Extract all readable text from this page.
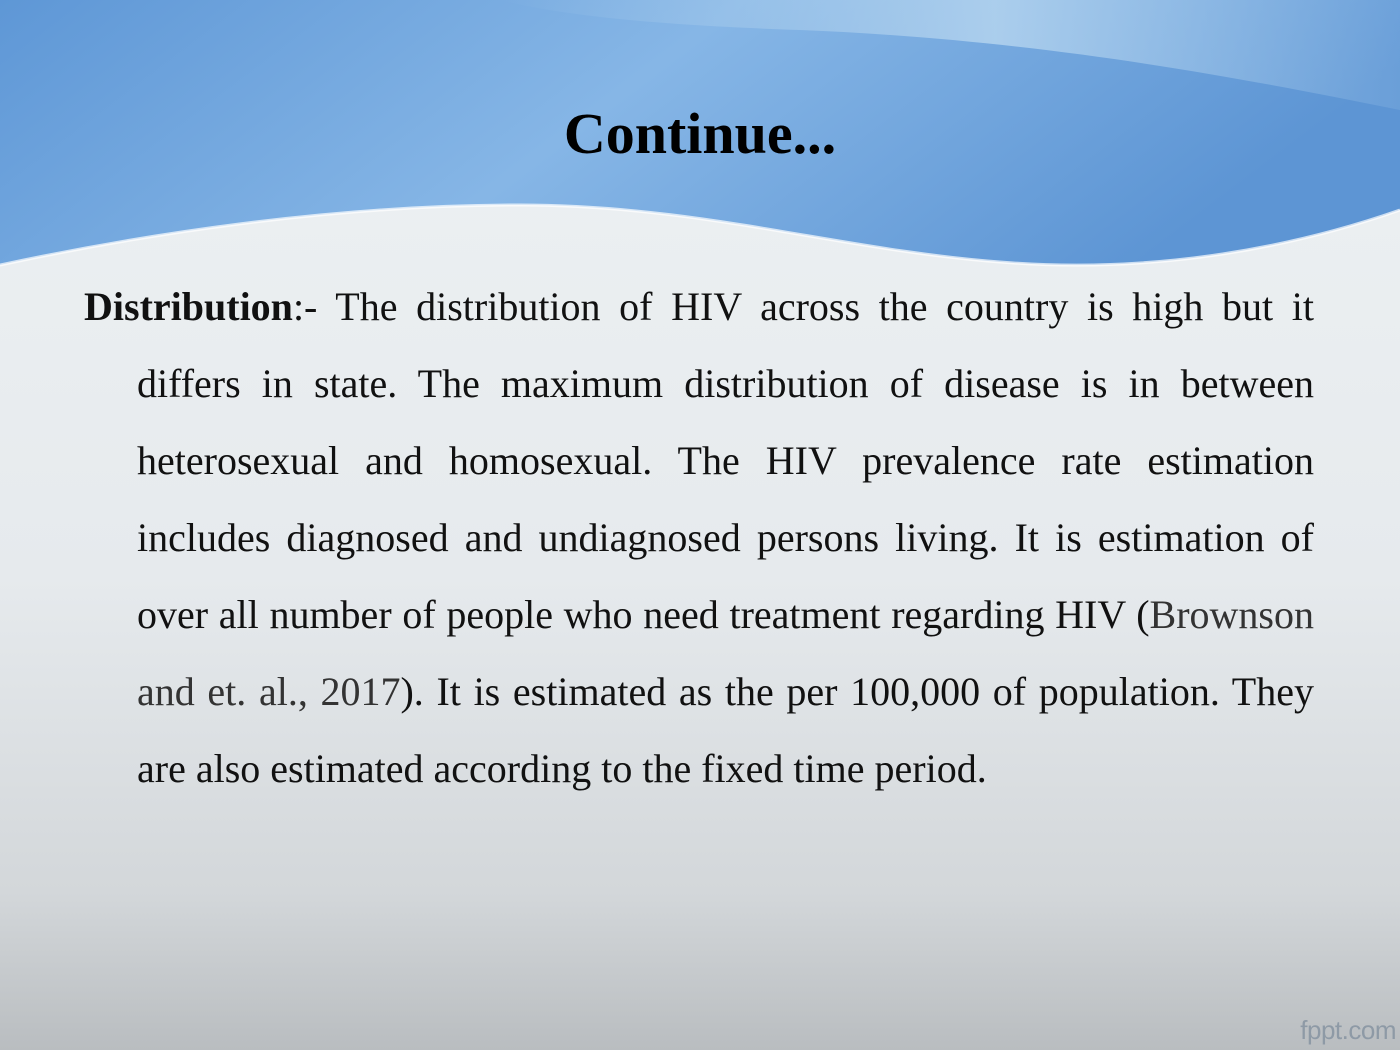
Continue...

Distribution:- The distribution of HIV across the country is high but it differs in state. The maximum distribution of disease is in between heterosexual and homosexual. The HIV prevalence rate estimation includes diagnosed and undiagnosed persons living. It is estimation of over all number of people who need treatment regarding HIV (Brownson and et. al., 2017). It is estimated as the per 100,000 of population. They are also estimated according to the fixed time period.

fppt.com
